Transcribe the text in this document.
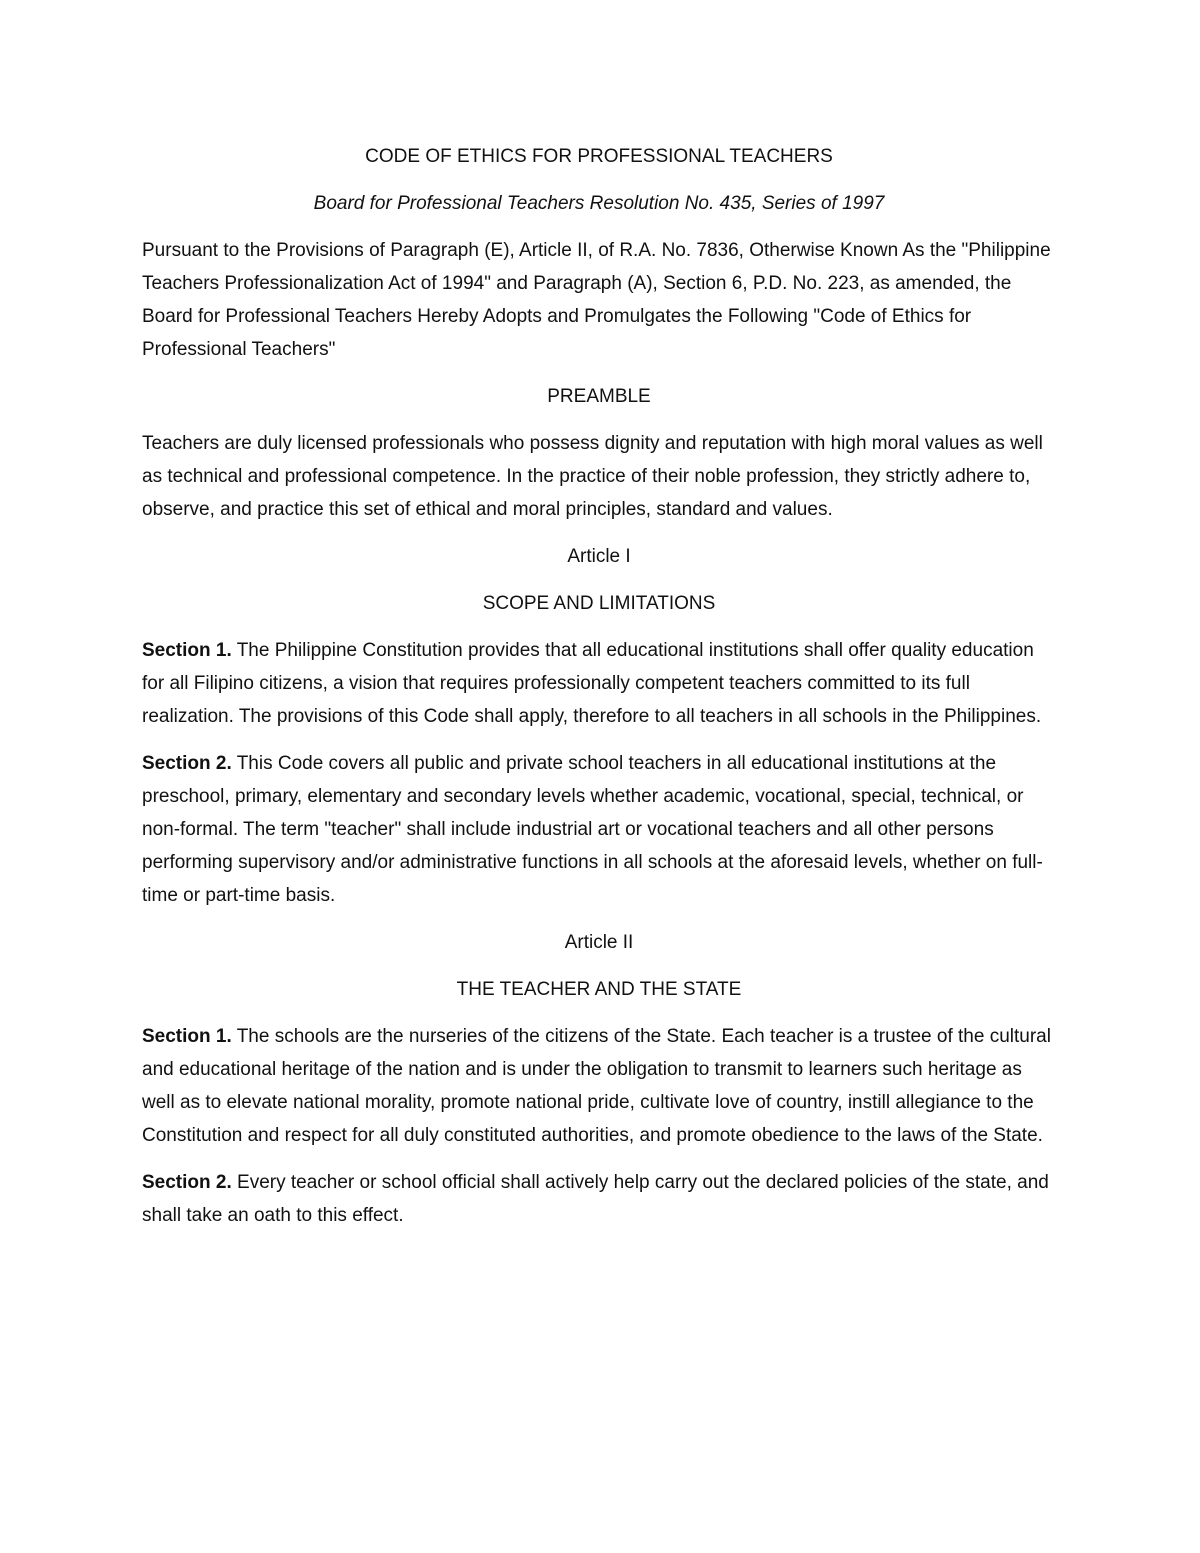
CODE OF ETHICS FOR PROFESSIONAL TEACHERS
Board for Professional Teachers Resolution No. 435, Series of 1997
Pursuant to the Provisions of Paragraph (E), Article II, of R.A. No. 7836, Otherwise Known As the "Philippine Teachers Professionalization Act of 1994" and Paragraph (A), Section 6, P.D. No. 223, as amended, the Board for Professional Teachers Hereby Adopts and Promulgates the Following "Code of Ethics for Professional Teachers"
PREAMBLE
Teachers are duly licensed professionals who possess dignity and reputation with high moral values as well as technical and professional competence. In the practice of their noble profession, they strictly adhere to, observe, and practice this set of ethical and moral principles, standard and values.
Article I
SCOPE AND LIMITATIONS
Section 1. The Philippine Constitution provides that all educational institutions shall offer quality education for all Filipino citizens, a vision that requires professionally competent teachers committed to its full realization. The provisions of this Code shall apply, therefore to all teachers in all schools in the Philippines.
Section 2. This Code covers all public and private school teachers in all educational institutions at the preschool, primary, elementary and secondary levels whether academic, vocational, special, technical, or non-formal. The term "teacher" shall include industrial art or vocational teachers and all other persons performing supervisory and/or administrative functions in all schools at the aforesaid levels, whether on full-time or part-time basis.
Article II
THE TEACHER AND THE STATE
Section 1. The schools are the nurseries of the citizens of the State. Each teacher is a trustee of the cultural and educational heritage of the nation and is under the obligation to transmit to learners such heritage as well as to elevate national morality, promote national pride, cultivate love of country, instill allegiance to the Constitution and respect for all duly constituted authorities, and promote obedience to the laws of the State.
Section 2. Every teacher or school official shall actively help carry out the declared policies of the state, and shall take an oath to this effect.
